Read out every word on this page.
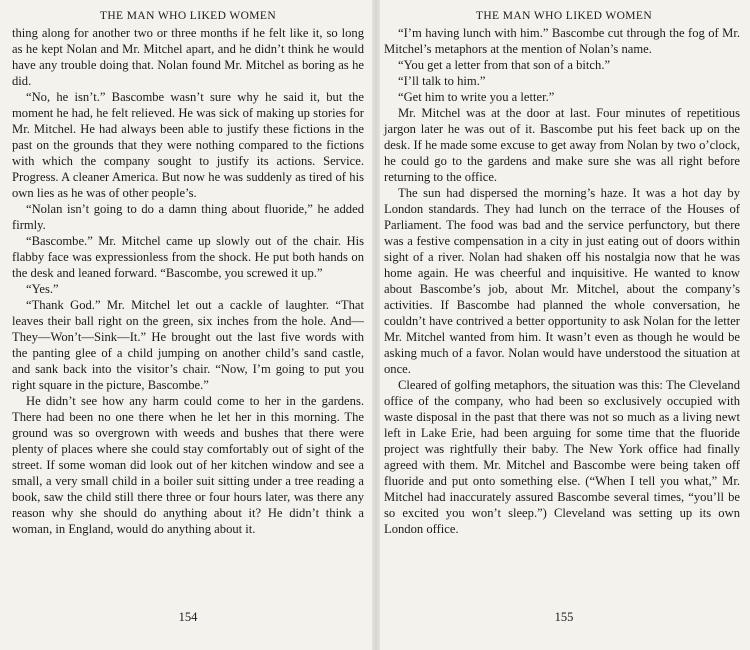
THE MAN WHO LIKED WOMEN

thing along for another two or three months if he felt like it, so long as he kept Nolan and Mr. Mitchel apart, and he didn’t think he would have any trouble doing that. Nolan found Mr. Mitchel as boring as he did.

“No, he isn’t.” Bascombe wasn’t sure why he said it, but the moment he had, he felt relieved. He was sick of making up stories for Mr. Mitchel. He had always been able to justify these fictions in the past on the grounds that they were nothing compared to the fictions with which the company sought to justify its actions. Service. Progress. A cleaner America. But now he was suddenly as tired of his own lies as he was of other people’s.

“Nolan isn’t going to do a damn thing about fluoride,” he added firmly.

“Bascombe.” Mr. Mitchel came up slowly out of the chair. His flabby face was expressionless from the shock. He put both hands on the desk and leaned forward. “Bascombe, you screwed it up.”

“Yes.”

“Thank God.” Mr. Mitchel let out a cackle of laughter. “That leaves their ball right on the green, six inches from the hole. And—They—Won’t—Sink—It.” He brought out the last five words with the panting glee of a child jumping on another child’s sand castle, and sank back into the visitor’s chair. “Now, I’m going to put you right square in the picture, Bascombe.”

He didn’t see how any harm could come to her in the gardens. There had been no one there when he let her in this morning. The ground was so overgrown with weeds and bushes that there were plenty of places where she could stay comfortably out of sight of the street. If some woman did look out of her kitchen window and see a small, a very small child in a boiler suit sitting under a tree reading a book, saw the child still there three or four hours later, was there any reason why she should do anything about it? He didn’t think a woman, in England, would do anything about it.

154
THE MAN WHO LIKED WOMEN

“I’m having lunch with him.” Bascombe cut through the fog of Mr. Mitchel’s metaphors at the mention of Nolan’s name.

“You get a letter from that son of a bitch.”

“I’ll talk to him.”

“Get him to write you a letter.”

Mr. Mitchel was at the door at last. Four minutes of repetitious jargon later he was out of it. Bascombe put his feet back up on the desk. If he made some excuse to get away from Nolan by two o’clock, he could go to the gardens and make sure she was all right before returning to the office.

The sun had dispersed the morning’s haze. It was a hot day by London standards. They had lunch on the terrace of the Houses of Parliament. The food was bad and the service perfunctory, but there was a festive compensation in a city in just eating out of doors within sight of a river. Nolan had shaken off his nostalgia now that he was home again. He was cheerful and inquisitive. He wanted to know about Bascombe’s job, about Mr. Mitchel, about the company’s activities. If Bascombe had planned the whole conversation, he couldn’t have contrived a better opportunity to ask Nolan for the letter Mr. Mitchel wanted from him. It wasn’t even as though he would be asking much of a favor. Nolan would have understood the situation at once.

Cleared of golfing metaphors, the situation was this: The Cleveland office of the company, who had been so exclusively occupied with waste disposal in the past that there was not so much as a living newt left in Lake Erie, had been arguing for some time that the fluoride project was rightfully their baby. The New York office had finally agreed with them. Mr. Mitchel and Bascombe were being taken off fluoride and put onto something else. (“When I tell you what,” Mr. Mitchel had inaccurately assured Bascombe several times, “you’ll be so excited you won’t sleep.”) Cleveland was setting up its own London office.

155
